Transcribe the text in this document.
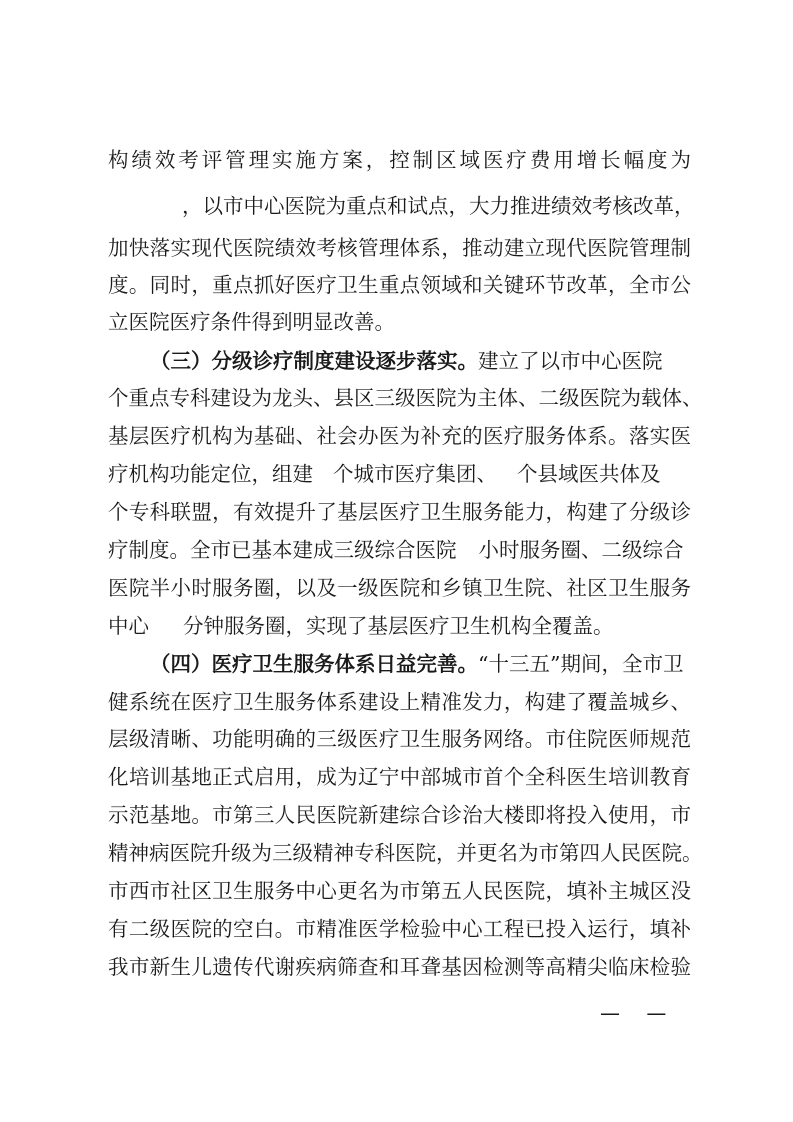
构绩效考评管理实施方案，控制区域医疗费用增长幅度为
，以市中心医院为重点和试点，大力推进绩效考核改革，
加快落实现代医院绩效考核管理体系，推动建立现代医院管理制
度。同时，重点抓好医疗卫生重点领域和关键环节改革，全市公
立医院医疗条件得到明显改善。
（三）分级诊疗制度建设逐步落实。建立了以市中心医院
个重点专科建设为龙头、县区三级医院为主体、二级医院为载体、
基层医疗机构为基础、社会办医为补充的医疗服务体系。落实医
疗机构功能定位，组建 个城市医疗集团、 个县域医共体及
个专科联盟，有效提升了基层医疗卫生服务能力，构建了分级诊
疗制度。全市已基本建成三级综合医院 小时服务圈、二级综合
医院半小时服务圈，以及一级医院和乡镇卫生院、社区卫生服务
中心 分钟服务圈，实现了基层医疗卫生机构全覆盖。
（四）医疗卫生服务体系日益完善。“十三五”期间，全市卫
健系统在医疗卫生服务体系建设上精准发力，构建了覆盖城乡、
层级清晰、功能明确的三级医疗卫生服务网络。市住院医师规范
化培训基地正式启用，成为辽宁中部城市首个全科医生培训教育
示范基地。市第三人民医院新建综合诊治大楼即将投入使用，市
精神病医院升级为三级精神专科医院，并更名为市第四人民医院。
市西市社区卫生服务中心更名为市第五人民医院，填补主城区没
有二级医院的空白。市精准医学检验中心工程已投入运行，填补
我市新生儿遗传代谢疾病筛查和耳聋基因检测等高精尖临床检验
— —
